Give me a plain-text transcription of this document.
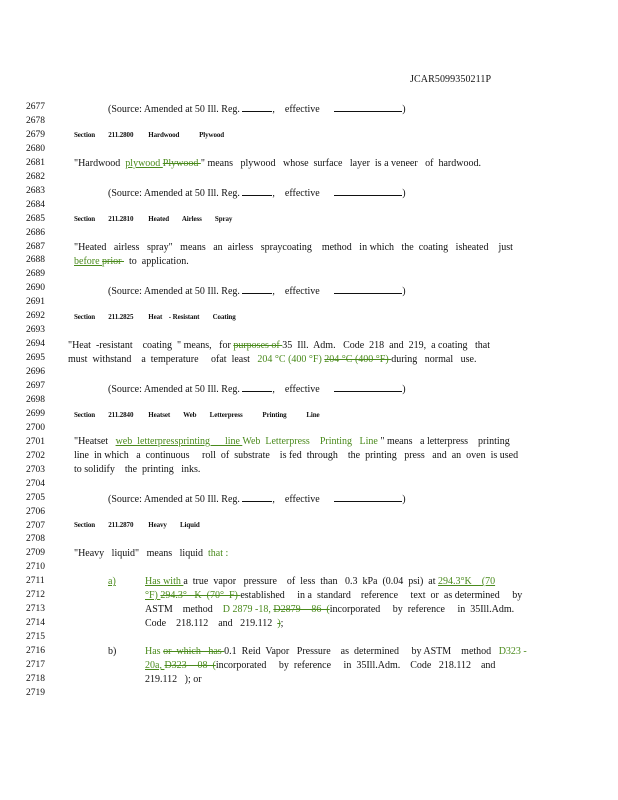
JCAR5099350211P
2677
2678
2679
2680
2681
2682
2683
2684
2685
2686
2687
2688
2689
2690
2691
2692
2693
2694
2695
2696
2697
2698
2699
2700
2701
2702
2703
2704
2705
2706
2707
2708
2709
2710
2711
2712
2713
2714
2715
2716
2717
2718
2719
(Source: Amended at 50 Ill. Reg.	,    effective	)
Section 211.2800 Hardwood            Plywood
"Hardwood  plywood Plywood " means   plywood   whose  surface   layer  is a veneer   of  hardwood.
(Source: Amended at 50 Ill. Reg.	,    effective	)
Section 211.2810 Heated        Airless        Spray
"Heated   airless   spray"   means   an  airless   spraycoating    method   in which   the  coating   isheated    just
before prior   to  application.
(Source: Amended at 50 Ill. Reg.	,    effective	)
Section 211.2825 Heat    - Resistant        Coating
"Heat  -resistant    coating  " means,   for purposes of 35  Ill.  Adm.   Code  218  and  219,  a coating   that
must  withstand    a  temperature     ofat  least   204 °C (400 °F) 204 °C (400 °F) during   normal   use.
(Source: Amended at 50 Ill. Reg.	,    effective	)
Section 211.2840 Heatset        Web        Letterpress            Printing            Line
"Heatset   web  letterpressprinting      line Web  Letterpress    Printing   Line " means   a letterpress    printing
line  in which   a  continuous     roll  of  substrate    is fed  through    the  printing   press   and  an  oven  is used
to solidify    the  printing   inks.
(Source: Amended at 50 Ill. Reg.	,    effective	)
Section 211.2870 Heavy        Liquid
"Heavy   liquid"   means   liquid  that :
a)	Has with a  true  vapor   pressure    of  less  than   0.3  kPa  (0.04  psi)  at 294.3°K    (70
°F) 294.3°   K  (70°  F) established     in a  standard    reference     text  or  as determined     by
ASTM    method    D 2879 -18, D2879   -86  (incorporated     by  reference     in  35Ill.Adm.
Code    218.112    and   219.112  );
b)	Has or  which   has 0.1  Reid  Vapor   Pressure    as  determined     by ASTM    method   D323 -
20a, D323   -08  (incorporated     by  reference     in  35Ill.Adm.    Code   218.112    and
219.112   ); or
